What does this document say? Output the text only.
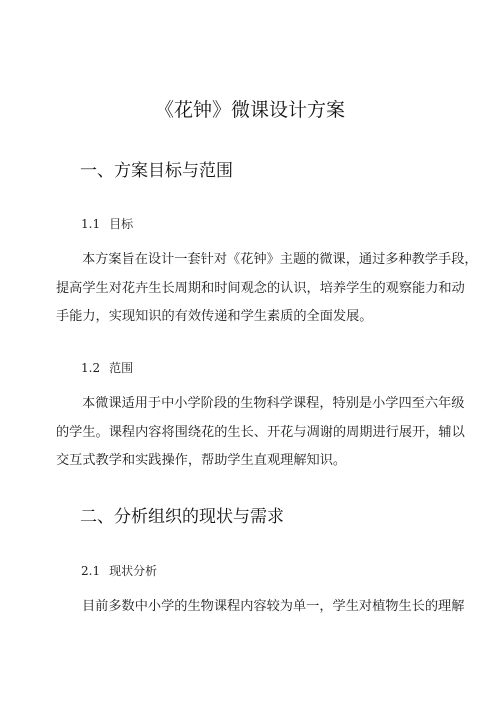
《花钟》微课设计方案
一、方案目标与范围
1.1 目标
本方案旨在设计一套针对《花钟》主题的微课，通过多种教学手段，
提高学生对花卉生长周期和时间观念的认识，培养学生的观察能力和动
手能力，实现知识的有效传递和学生素质的全面发展。
1.2 范围
本微课适用于中小学阶段的生物科学课程，特别是小学四至六年级
的学生。课程内容将围绕花的生长、开花与凋谢的周期进行展开，辅以
交互式教学和实践操作，帮助学生直观理解知识。
二、分析组织的现状与需求
2.1 现状分析
目前多数中小学的生物课程内容较为单一，学生对植物生长的理解
